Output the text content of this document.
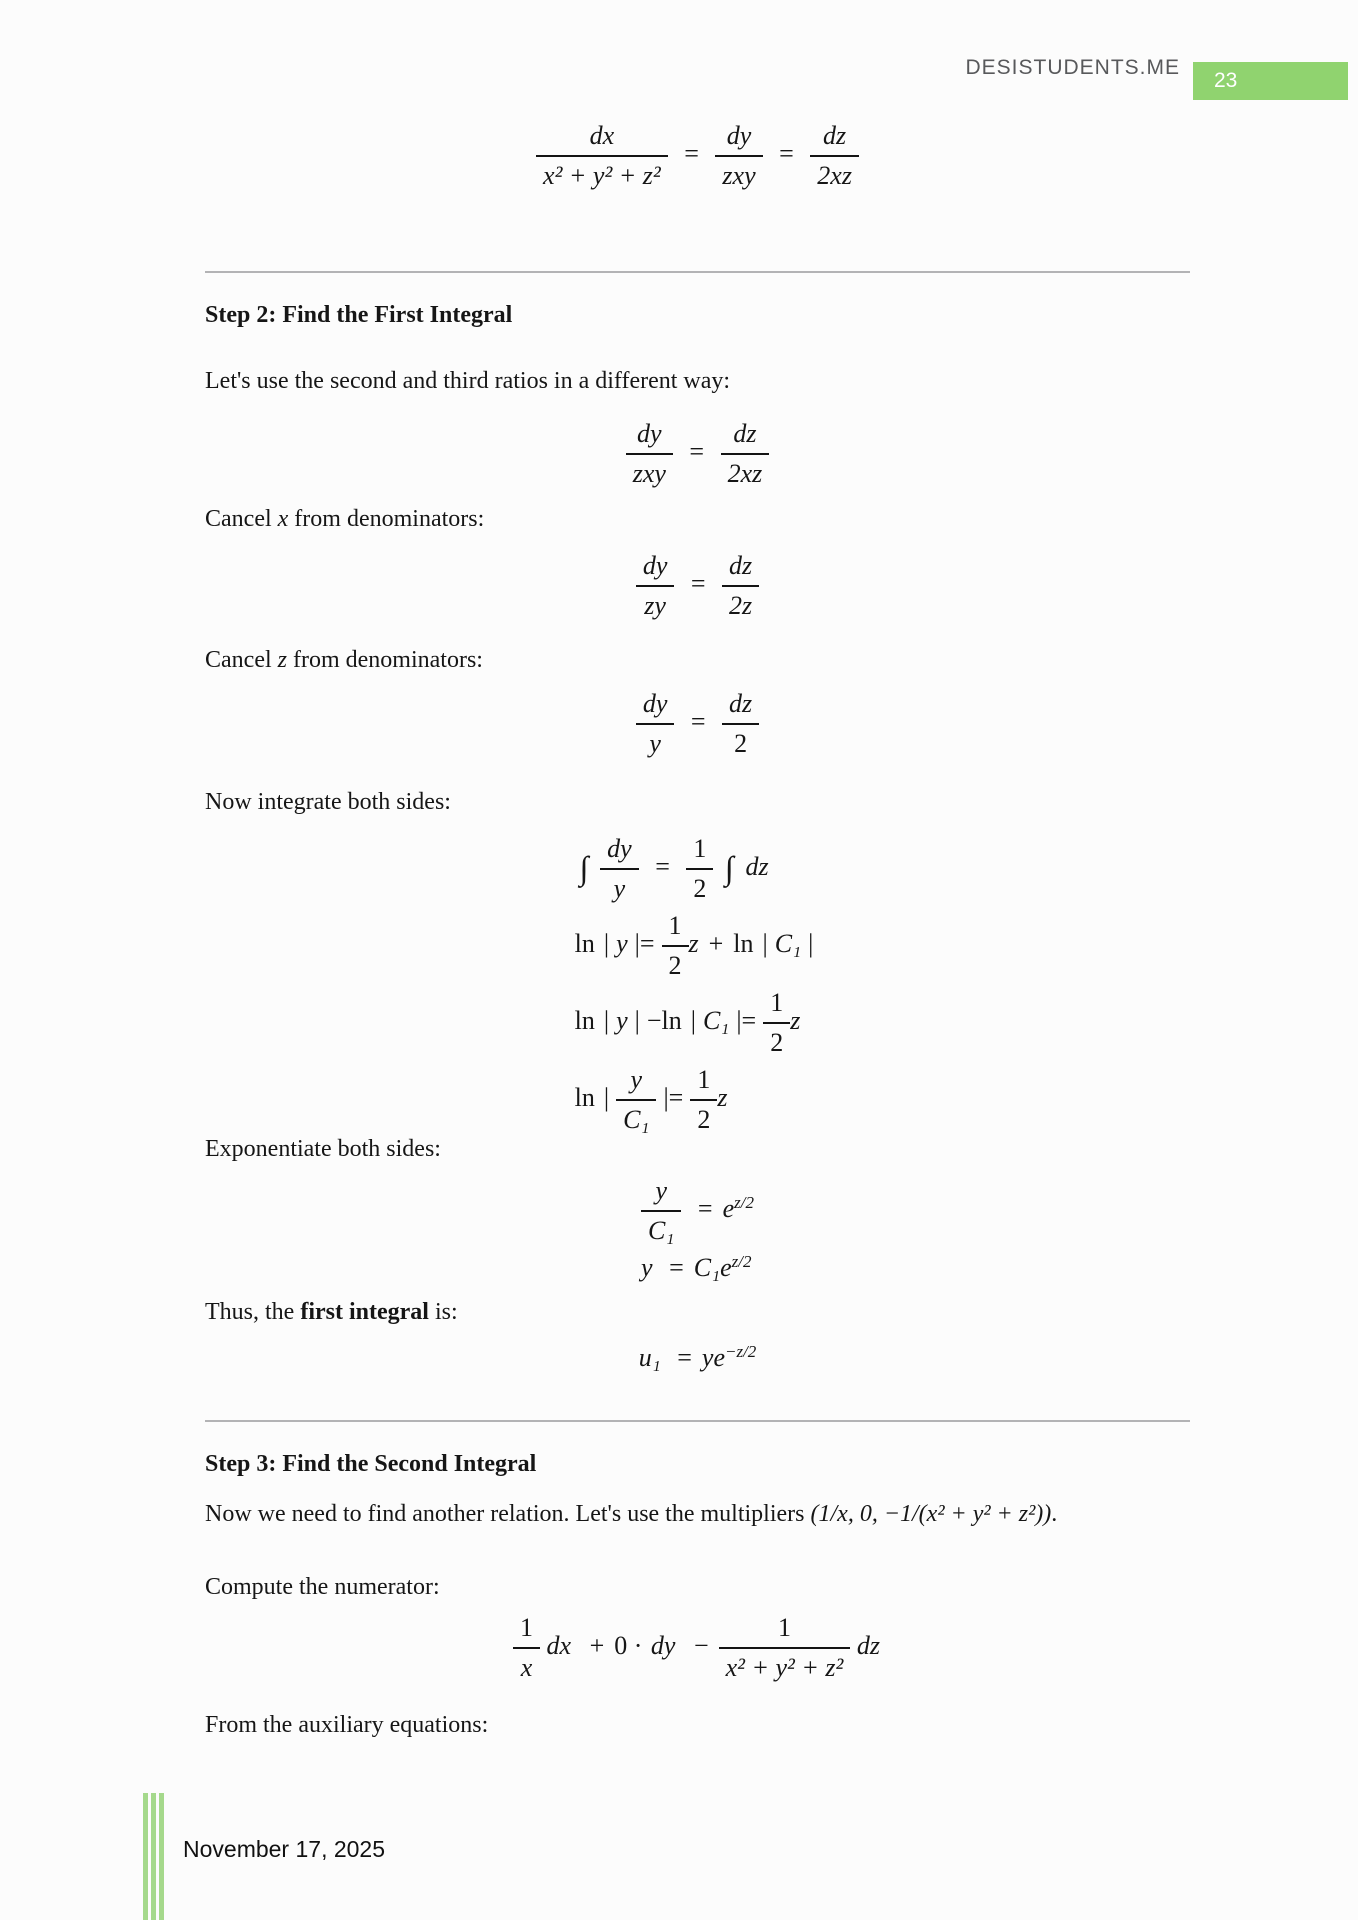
DESISTUDENTS.ME
23
$\frac{dx}{\text{x² + y² + z²}} = \frac{dy}{\text{zxy}} = \frac{dz}{2xz}$
Step 2: Find the First Integral
Let's use the second and third ratios in a different way:
$\frac{dy}{\text{zxy}} = \frac{dz}{2xz}$
Cancel x from denominators:
$\frac{dy}{zy} = \frac{dz}{2z}$
Cancel z from denominators:
$\frac{dy}{y} = \frac{dz}{2}$
Now integrate both sides:
∫ $\frac{dy}{y} = \frac{1}{2}$ ∫ dz
ln | y |= $\frac{1}{2}$ z + ln | C₁ |
ln | y | −ln | C₁ |= $\frac{1}{2}$ z
ln | $\frac{y}{\text{C₁}}$ |= $\frac{1}{2}$ z
Exponentiate both sides:
$\frac{y}{\text{C₁}} = e^{z/2}$
$y = C_1e^{z/2}$
Thus, the first integral is:
$u_1 = ye^{-z/2}$
Step 3: Find the Second Integral
Now we need to find another relation. Let's use the multipliers (1/x, 0, −1/(x² + y² + z²)).
Compute the numerator:
$\frac{1}{x}$ dx + 0 · dy − $\frac{1}{\text{x² + y² + z²}}$ dz
From the auxiliary equations:
November 17, 2025
